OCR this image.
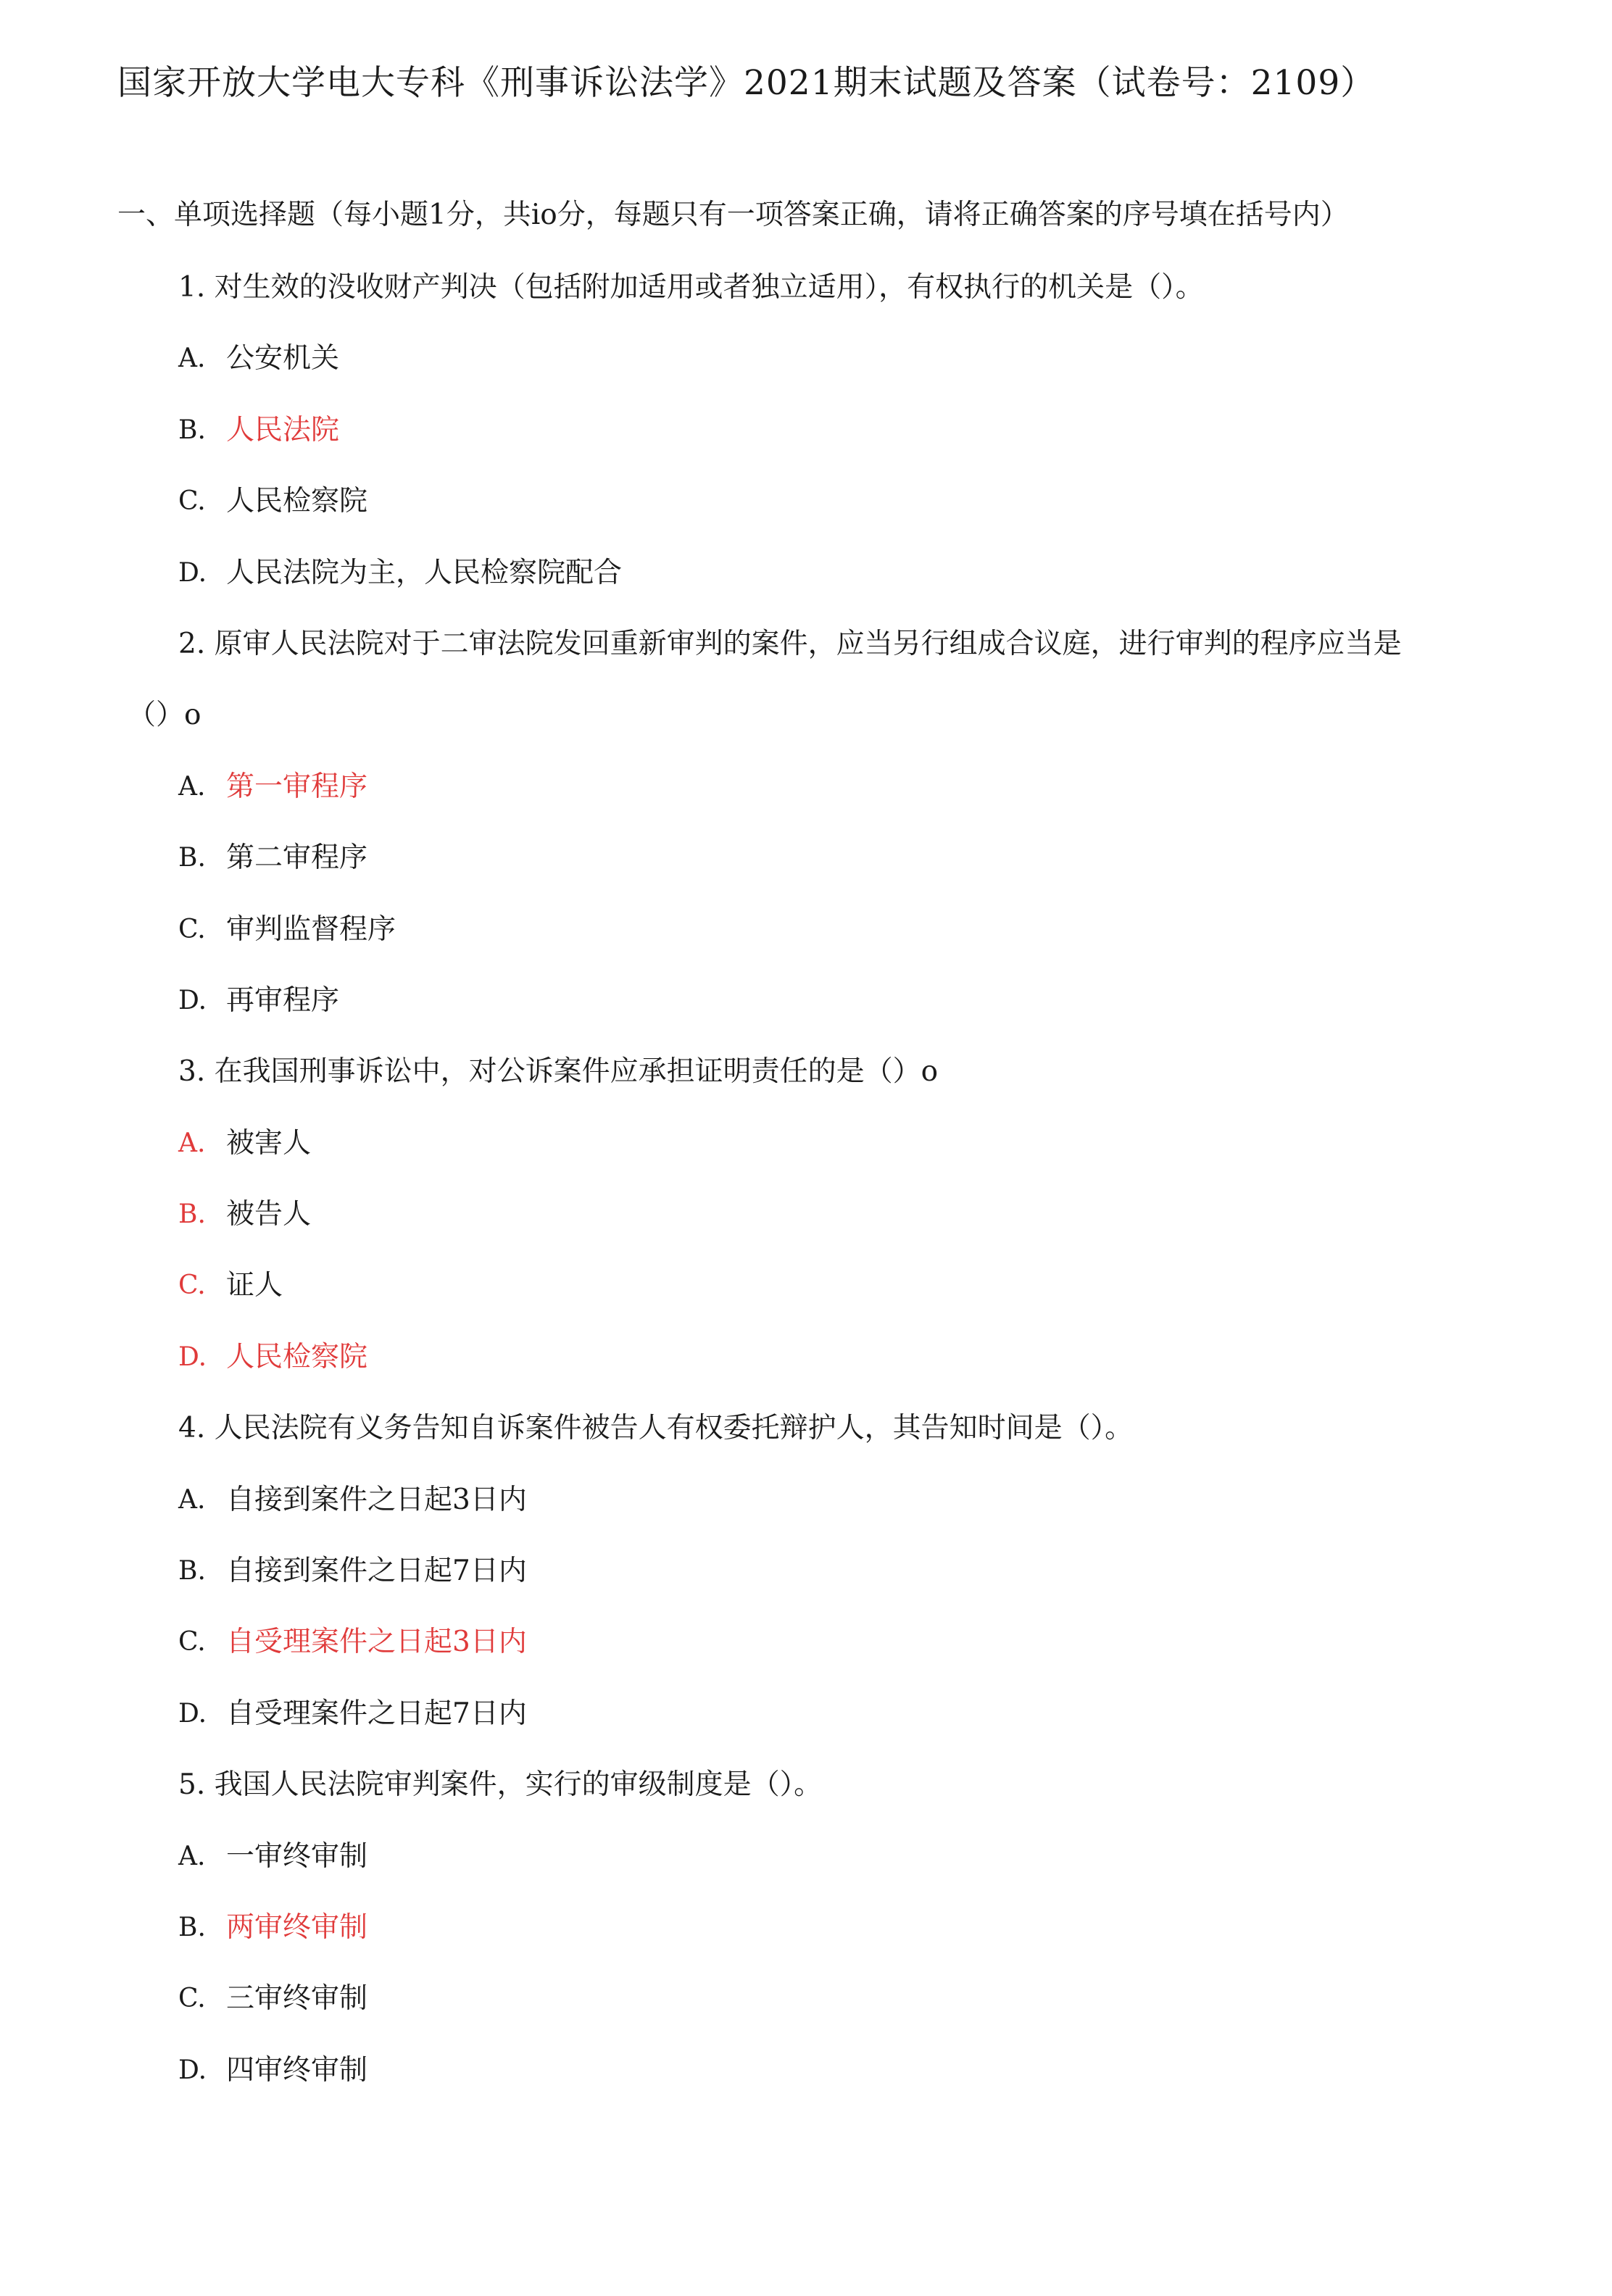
国家开放大学电大专科《刑事诉讼法学》2021期末试题及答案（试卷号：2109）
一、单项选择题（每小题1分，共io分，每题只有一项答案正确，请将正确答案的序号填在括号内）
1. 对生效的没收财产判决（包括附加适用或者独立适用），有权执行的机关是（）。
A. 公安机关
B. 人民法院
C. 人民检察院
D. 人民法院为主，人民检察院配合
2. 原审人民法院对于二审法院发回重新审判的案件，应当另行组成合议庭，进行审判的程序应当是
（）o
A. 第一审程序
B. 第二审程序
C. 审判监督程序
D. 再审程序
3. 在我国刑事诉讼中，对公诉案件应承担证明责任的是（）o
A. 被害人
B. 被告人
C. 证人
D. 人民检察院
4. 人民法院有义务告知自诉案件被告人有权委托辩护人，其告知时间是（）。
A. 自接到案件之日起3日内
B. 自接到案件之日起7日内
C. 自受理案件之日起3日内
D. 自受理案件之日起7日内
5. 我国人民法院审判案件，实行的审级制度是（）。
A. 一审终审制
B. 两审终审制
C. 三审终审制
D. 四审终审制
